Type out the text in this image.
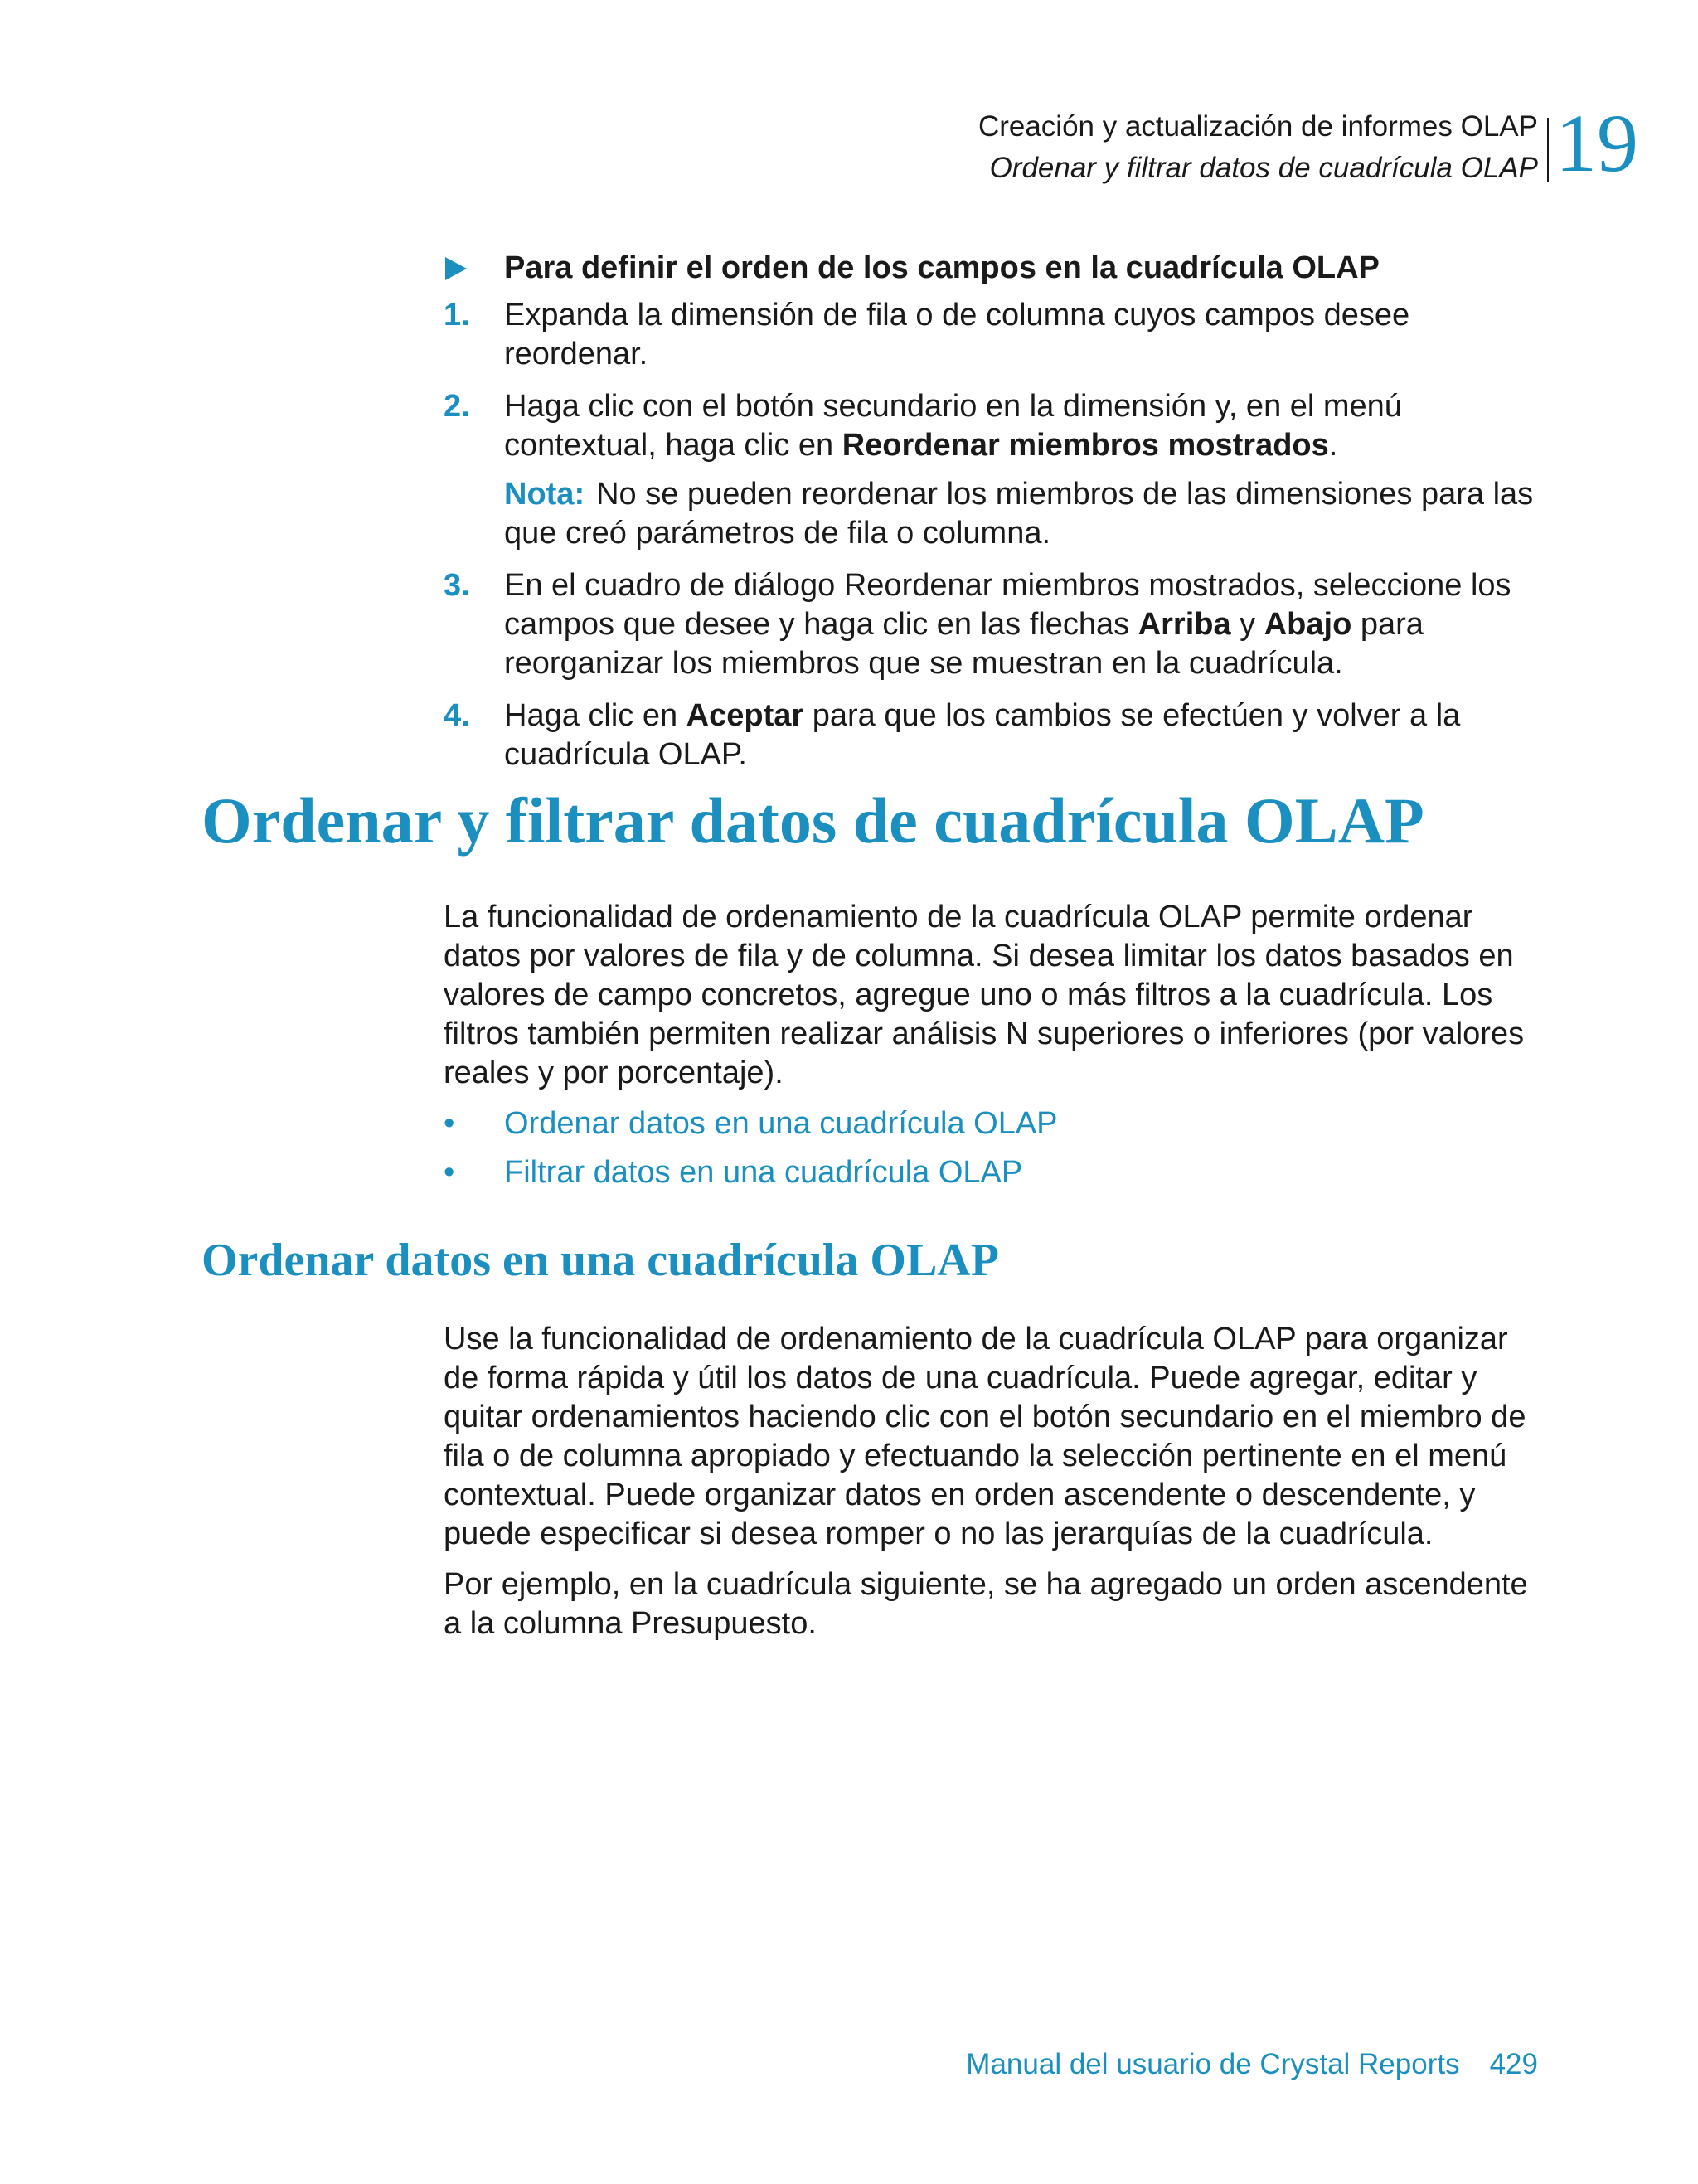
Creación y actualización de informes OLAP
Ordenar y filtrar datos de cuadrícula OLAP 19
Para definir el orden de los campos en la cuadrícula OLAP
1. Expanda la dimensión de fila o de columna cuyos campos desee reordenar.
2. Haga clic con el botón secundario en la dimensión y, en el menú contextual, haga clic en Reordenar miembros mostrados.
Nota: No se pueden reordenar los miembros de las dimensiones para las que creó parámetros de fila o columna.
3. En el cuadro de diálogo Reordenar miembros mostrados, seleccione los campos que desee y haga clic en las flechas Arriba y Abajo para reorganizar los miembros que se muestran en la cuadrícula.
4. Haga clic en Aceptar para que los cambios se efectúen y volver a la cuadrícula OLAP.
Ordenar y filtrar datos de cuadrícula OLAP

La funcionalidad de ordenamiento de la cuadrícula OLAP permite ordenar datos por valores de fila y de columna. Si desea limitar los datos basados en valores de campo concretos, agregue uno o más filtros a la cuadrícula. Los filtros también permiten realizar análisis N superiores o inferiores (por valores reales y por porcentaje).

• Ordenar datos en una cuadrícula OLAP
• Filtrar datos en una cuadrícula OLAP
Ordenar datos en una cuadrícula OLAP

Use la funcionalidad de ordenamiento de la cuadrícula OLAP para organizar de forma rápida y útil los datos de una cuadrícula. Puede agregar, editar y quitar ordenamientos haciendo clic con el botón secundario en el miembro de fila o de columna apropiado y efectuando la selección pertinente en el menú contextual. Puede organizar datos en orden ascendente o descendente, y puede especificar si desea romper o no las jerarquías de la cuadrícula.

Por ejemplo, en la cuadrícula siguiente, se ha agregado un orden ascendente a la columna Presupuesto.

Manual del usuario de Crystal Reports 429
